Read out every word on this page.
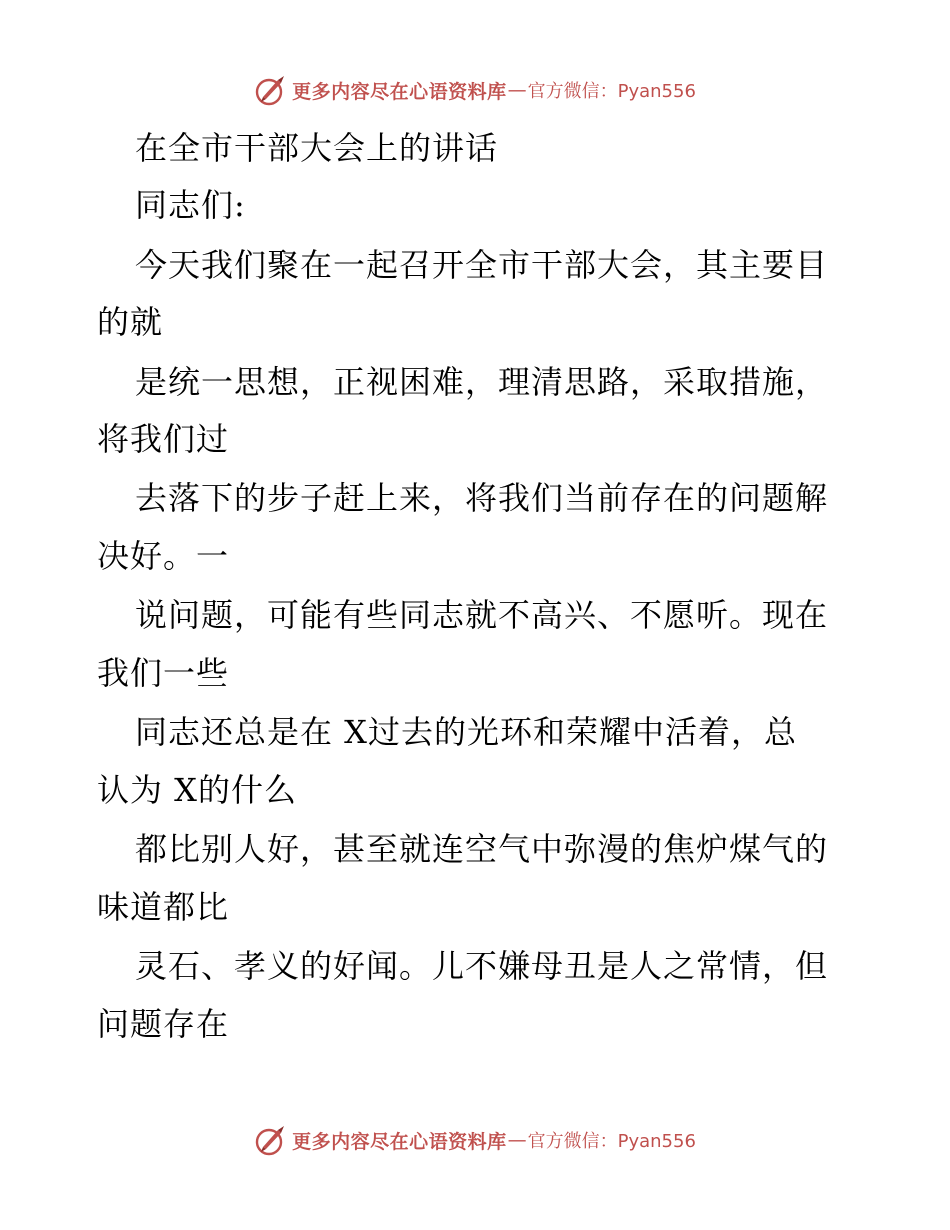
更多内容尽在心语资料库 — 官方微信：Pyan556
在全市干部大会上的讲话
同志们:
今天我们聚在一起召开全市干部大会，其主要目
的就
是统一思想，正视困难，理清思路，采取措施，
将我们过
去落下的步子赶上来，将我们当前存在的问题解
决好。一
说问题，可能有些同志就不高兴、不愿听。现在
我们一些
同志还总是在 X过去的光环和荣耀中活着，总
认为 X的什么
都比别人好，甚至就连空气中弥漫的焦炉煤气的
味道都比
灵石、孝义的好闻。儿不嫌母丑是人之常情，但
问题存在
更多内容尽在心语资料库 — 官方微信：Pyan556
